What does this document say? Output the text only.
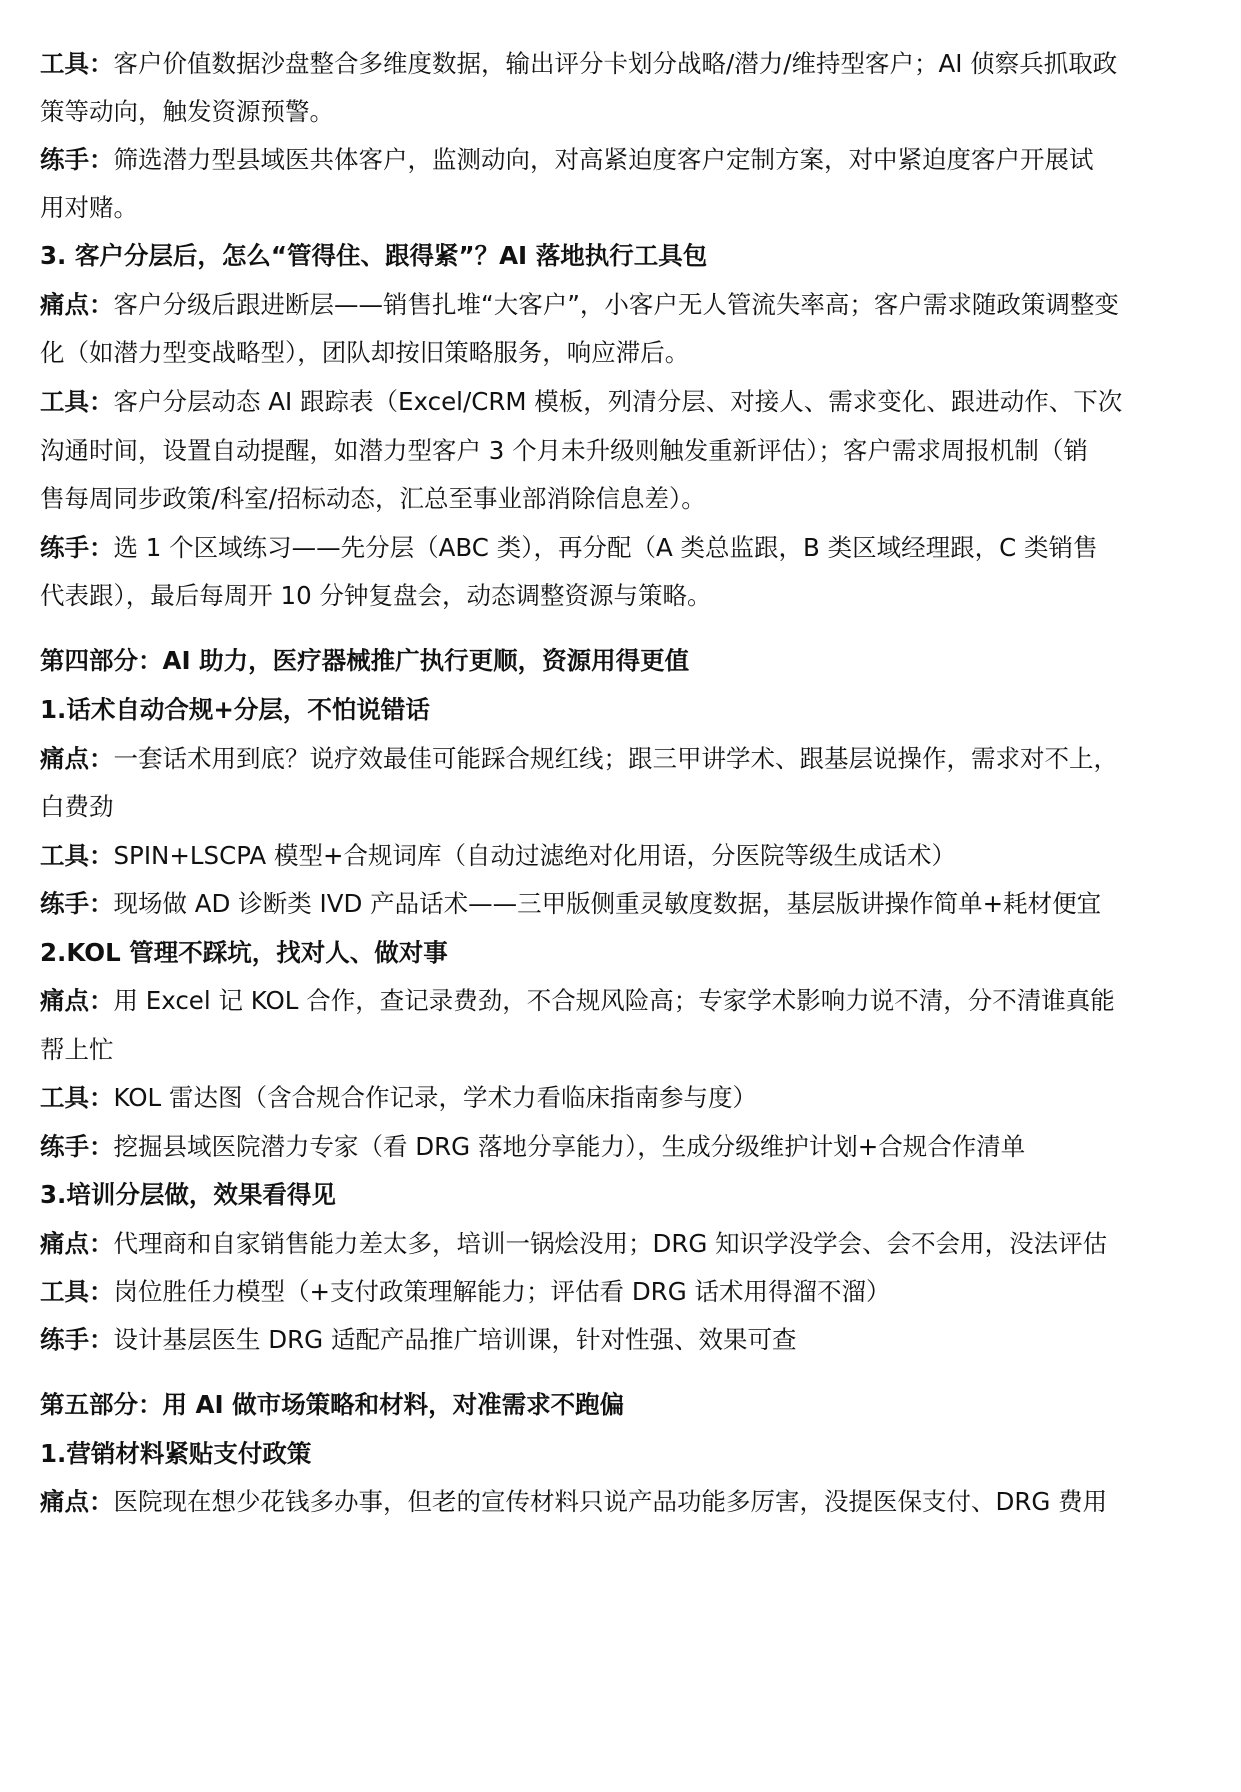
工具：客户价值数据沙盘整合多维度数据，输出评分卡划分战略/潜力/维持型客户；AI 侦察兵抓取政
策等动向，触发资源预警。
练手：筛选潜力型县域医共体客户，监测动向，对高紧迫度客户定制方案，对中紧迫度客户开展试
用对赌。
3. 客户分层后，怎么“管得住、跟得紧”？AI 落地执行工具包
痛点：客户分级后跟进断层——销售扎堆“大客户”，小客户无人管流失率高；客户需求随政策调整变
化（如潜力型变战略型），团队却按旧策略服务，响应滞后。
工具：客户分层动态 AI 跟踪表（Excel/CRM 模板，列清分层、对接人、需求变化、跟进动作、下次
沟通时间，设置自动提醒，如潜力型客户 3 个月未升级则触发重新评估）；客户需求周报机制（销
售每周同步政策/科室/招标动态，汇总至事业部消除信息差）。
练手：选 1 个区域练习——先分层（ABC 类），再分配（A 类总监跟，B 类区域经理跟，C 类销售
代表跟），最后每周开 10 分钟复盘会，动态调整资源与策略。
第四部分：AI 助力，医疗器械推广执行更顺，资源用得更值
1.话术自动合规+分层，不怕说错话
痛点：一套话术用到底？说疗效最佳可能踩合规红线；跟三甲讲学术、跟基层说操作，需求对不上，
白费劲
工具：SPIN+LSCPA 模型+合规词库（自动过滤绝对化用语，分医院等级生成话术）
练手：现场做 AD 诊断类 IVD 产品话术——三甲版侧重灵敏度数据，基层版讲操作简单+耗材便宜
2.KOL 管理不踩坑，找对人、做对事
痛点：用 Excel 记 KOL 合作，查记录费劲，不合规风险高；专家学术影响力说不清，分不清谁真能
帮上忙
工具：KOL 雷达图（含合规合作记录，学术力看临床指南参与度）
练手：挖掘县域医院潜力专家（看 DRG 落地分享能力），生成分级维护计划+合规合作清单
3.培训分层做，效果看得见
痛点：代理商和自家销售能力差太多，培训一锅烩没用；DRG 知识学没学会、会不会用，没法评估
工具：岗位胜任力模型（+支付政策理解能力；评估看 DRG 话术用得溜不溜）
练手：设计基层医生 DRG 适配产品推广培训课，针对性强、效果可查
第五部分：用 AI 做市场策略和材料，对准需求不跑偏
1.营销材料紧贴支付政策
痛点：医院现在想少花钱多办事，但老的宣传材料只说产品功能多厉害，没提医保支付、DRG 费用
